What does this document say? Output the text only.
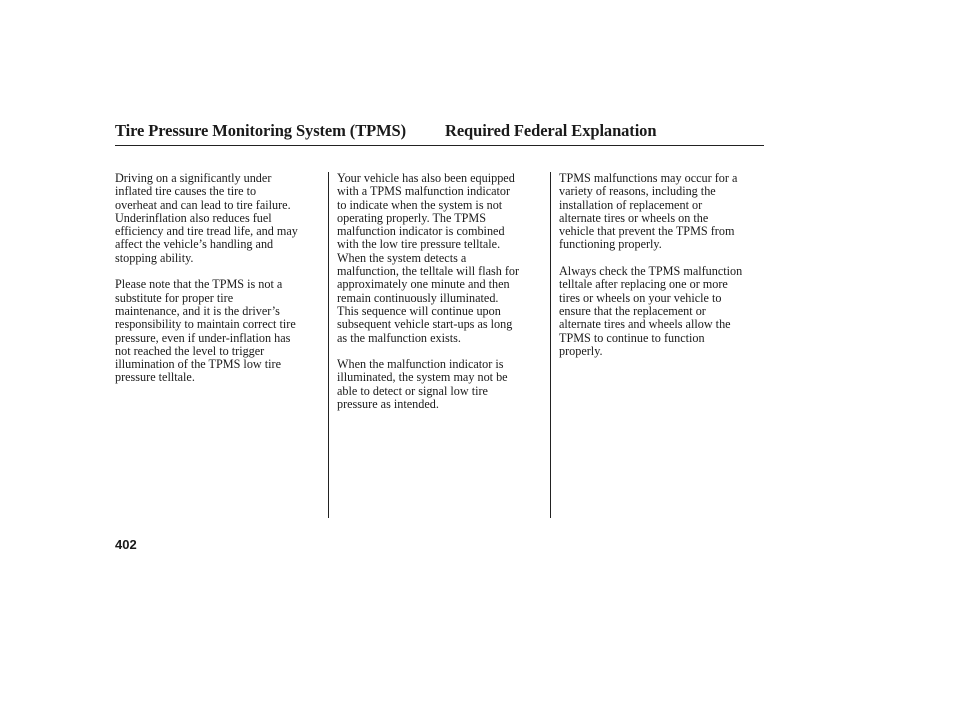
Tire Pressure Monitoring System (TPMS) Required Federal Explanation

Driving on a significantly under
inflated tire causes the tire to
overheat and can lead to tire failure.
Underinflation also reduces fuel
efficiency and tire tread life, and may
affect the vehicle’s handling and
stopping ability.

Please note that the TPMS is not a
substitute for proper tire
maintenance, and it is the driver’s
responsibility to maintain correct tire
pressure, even if under-inflation has
not reached the level to trigger
illumination of the TPMS low tire
pressure telltale.

Your vehicle has also been equipped
with a TPMS malfunction indicator
to indicate when the system is not
operating properly. The TPMS
malfunction indicator is combined
with the low tire pressure telltale.
When the system detects a
malfunction, the telltale will flash for
approximately one minute and then
remain continuously illuminated.
This sequence will continue upon
subsequent vehicle start-ups as long
as the malfunction exists.

When the malfunction indicator is
illuminated, the system may not be
able to detect or signal low tire
pressure as intended.

TPMS malfunctions may occur for a
variety of reasons, including the
installation of replacement or
alternate tires or wheels on the
vehicle that prevent the TPMS from
functioning properly.

Always check the TPMS malfunction
telltale after replacing one or more
tires or wheels on your vehicle to
ensure that the replacement or
alternate tires and wheels allow the
TPMS to continue to function
properly.

402
